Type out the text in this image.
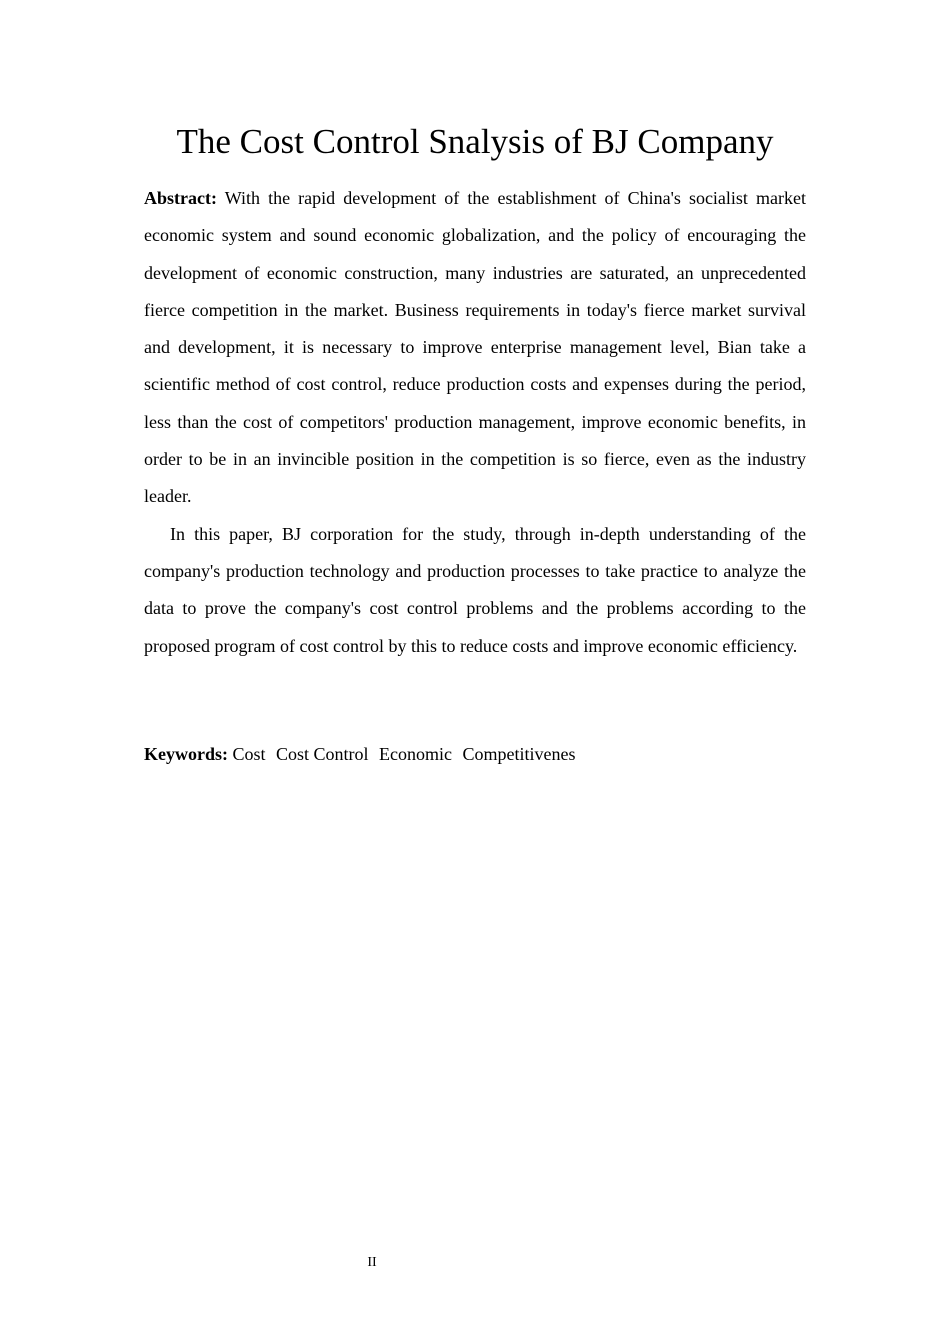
The Cost Control Snalysis of BJ Company

Abstract: With the rapid development of the establishment of China's socialist market economic system and sound economic globalization, and the policy of encouraging the development of economic construction, many industries are saturated, an unprecedented fierce competition in the market. Business requirements in today's fierce market survival and development, it is necessary to improve enterprise management level, Bian take a scientific method of cost control, reduce production costs and expenses during the period, less than the cost of competitors' production management, improve economic benefits, in order to be in an invincible position in the competition is so fierce, even as the industry leader.

In this paper, BJ corporation for the study, through in-depth understanding of the company's production technology and production processes to take practice to analyze the data to prove the company's cost control problems and the problems according to the proposed program of cost control by this to reduce costs and improve economic efficiency.

Keywords: Cost Cost Control Economic Competitivenes

II
